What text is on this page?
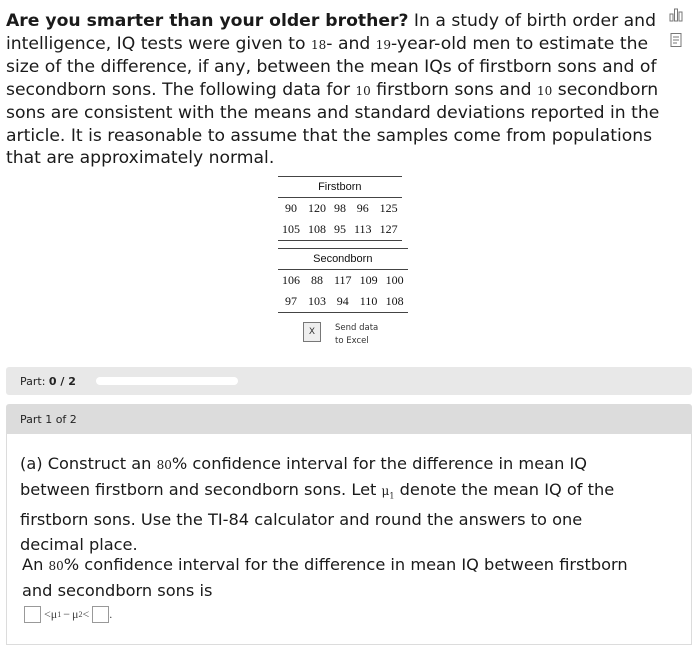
Are you smarter than your older brother? In a study of birth order and intelligence, IQ tests were given to 18- and 19-year-old men to estimate the size of the difference, if any, between the mean IQs of firstborn sons and of secondborn sons. The following data for 10 firstborn sons and 10 secondborn sons are consistent with the means and standard deviations reported in the article. It is reasonable to assume that the samples come from populations that are approximately normal.
Firstborn				
90	120	98	96	125
105	108	95	113	127
Secondborn				
106	88	117	109	100
97	103	94	110	108
X	Send data
to Excel
Part: 0 / 2
Part 1 of 2
(a) Construct an 80% confidence interval for the difference in mean IQ between firstborn and secondborn sons. Let $\mu_1$ denote the mean IQ of the firstborn sons. Use the TI-84 calculator and round the answers to one decimal place.
An 80% confidence interval for the difference in mean IQ between firstborn and secondborn sons is
< μ 1 − μ 2 < .
